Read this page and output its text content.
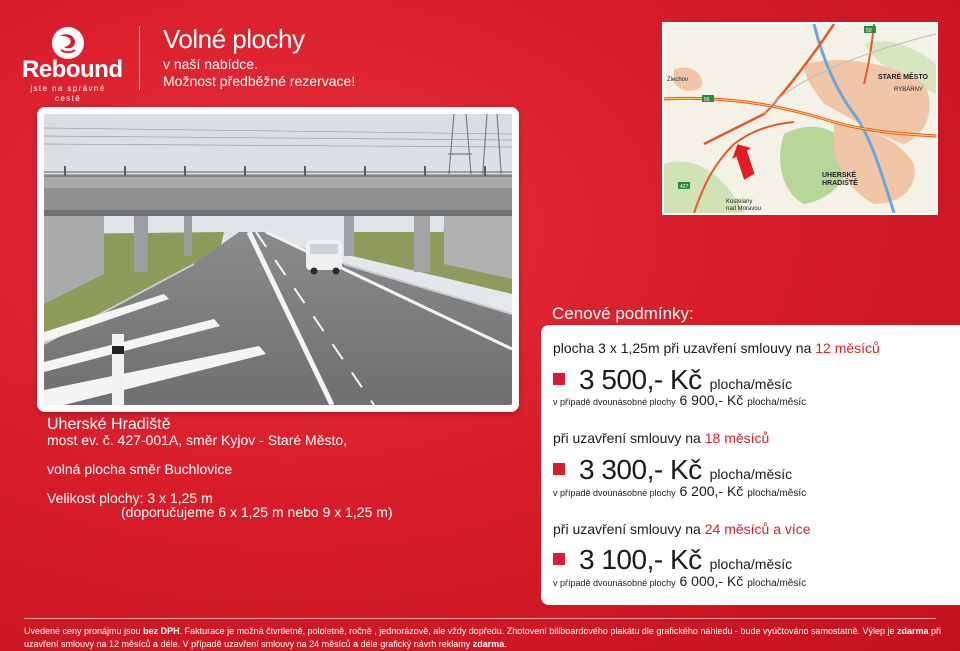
Rebound
jste na správné cestě
Volné plochy
v naší nabídce.
Možnost předběžné rezervace!	Zlechov	STARÉ MĚSTO
RYBÁRNY
UHERSKÉ
HRADIŠTĚ
Kostelany
nad Moravou
55
50
427
Uherské Hradiště
most ev. č. 427-001A, směr Kyjov - Staré Město,
volná plocha směr Buchlovice
Velikost plochy: 3 x 1,25 m
(doporučujeme 6 x 1,25 m nebo 9 x 1,25 m)
Cenové podmínky:
plocha 3 x 1,25m při uzavření smlouvy na 12 měsíců
3 500,- Kč plocha/měsíc
v případě dvounásobné plochy 6 900,- Kč plocha/měsíc
při uzavření smlouvy na 18 měsíců
3 300,- Kč plocha/měsíc
v případě dvounásobné plochy 6 200,- Kč plocha/měsíc
při uzavření smlouvy na 24 měsíců a více
3 100,- Kč plocha/měsíc
v případě dvounásobné plochy 6 000,- Kč plocha/měsíc
Uvedené ceny pronájmu jsou bez DPH. Fakturace je možná čtvrtletně, pololetně, ročně , jednorázově, ale vždy dopředu. Zhotovení billboardového plakátu dle grafického náhledu - bude vyúčtováno samostatně. Výlep je zdarma při uzavření smlouvy na 12 měsíců a déle. V případě uzavření smlouvy na 24 měsíců a déle grafický návrh reklamy zdarma.
